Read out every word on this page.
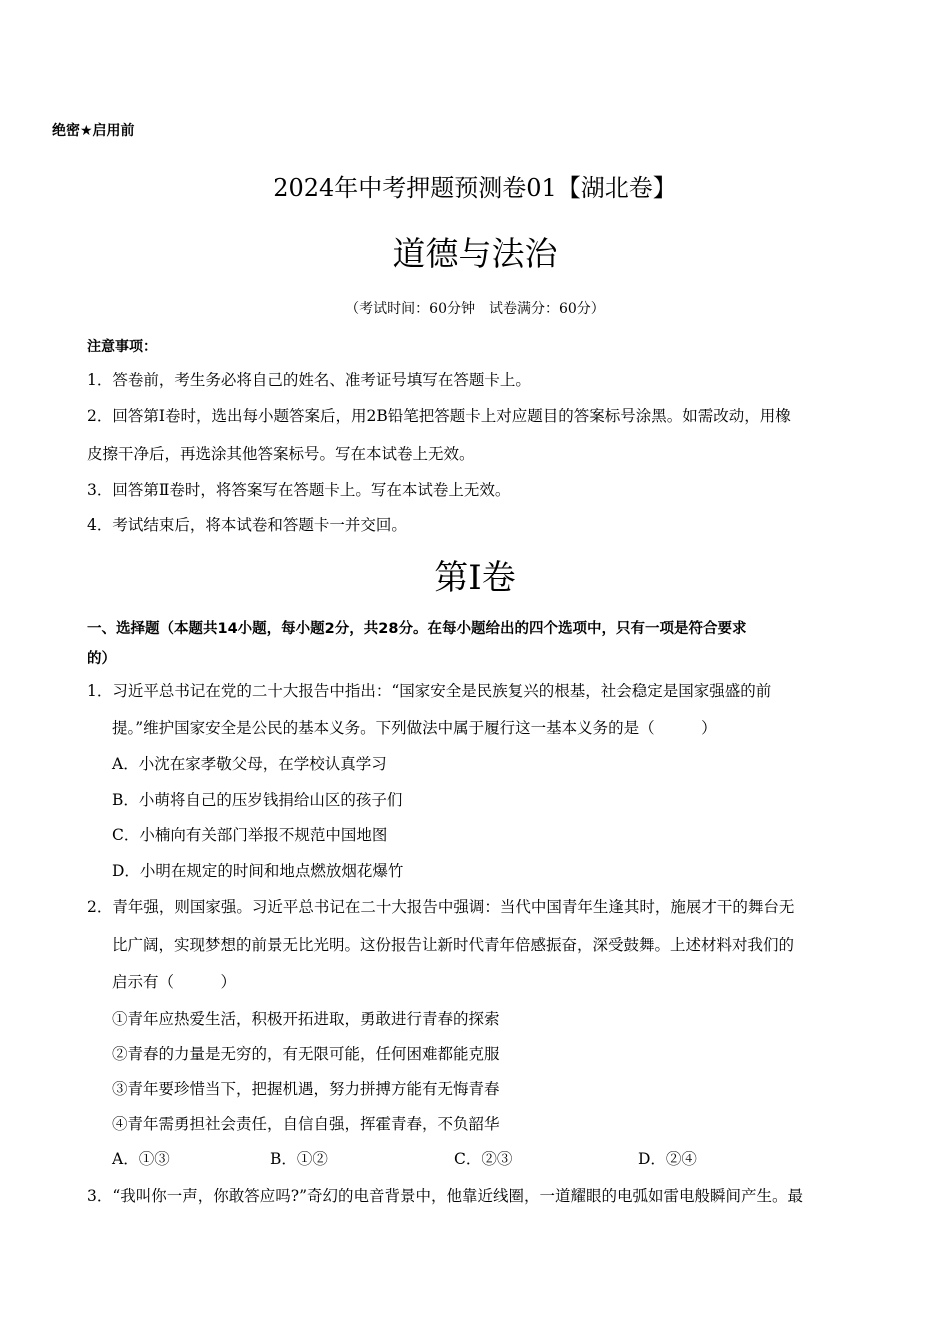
绝密★启用前
2024年中考押题预测卷01【湖北卷】
道德与法治
（考试时间：60分钟　试卷满分：60分）
注意事项：
1．答卷前，考生务必将自己的姓名、准考证号填写在答题卡上。
2．回答第Ⅰ卷时，选出每小题答案后，用2B铅笔把答题卡上对应题目的答案标号涂黑。如需改动，用橡
皮擦干净后，再选涂其他答案标号。写在本试卷上无效。
3．回答第Ⅱ卷时，将答案写在答题卡上。写在本试卷上无效。
4．考试结束后，将本试卷和答题卡一并交回。
第Ⅰ卷
一、选择题（本题共14小题，每小题2分，共28分。在每小题给出的四个选项中，只有一项是符合要求
的）
1．习近平总书记在党的二十大报告中指出：“国家安全是民族复兴的根基，社会稳定是国家强盛的前
提。”维护国家安全是公民的基本义务。下列做法中属于履行这一基本义务的是（　　　）
A．小沈在家孝敬父母，在学校认真学习
B．小萌将自己的压岁钱捐给山区的孩子们
C．小楠向有关部门举报不规范中国地图
D．小明在规定的时间和地点燃放烟花爆竹
2．青年强，则国家强。习近平总书记在二十大报告中强调：当代中国青年生逢其时，施展才干的舞台无
比广阔，实现梦想的前景无比光明。这份报告让新时代青年倍感振奋，深受鼓舞。上述材料对我们的
启示有（　　　）
①青年应热爱生活，积极开拓进取，勇敢进行青春的探索
②青春的力量是无穷的，有无限可能，任何困难都能克服
③青年要珍惜当下，把握机遇，努力拼搏方能有无悔青春
④青年需勇担社会责任，自信自强，挥霍青春，不负韶华
A．①③	B．①②	C．②③	D．②④
3．“我叫你一声，你敢答应吗?”奇幻的电音背景中，他靠近线圈，一道耀眼的电弧如雷电般瞬间产生。最
